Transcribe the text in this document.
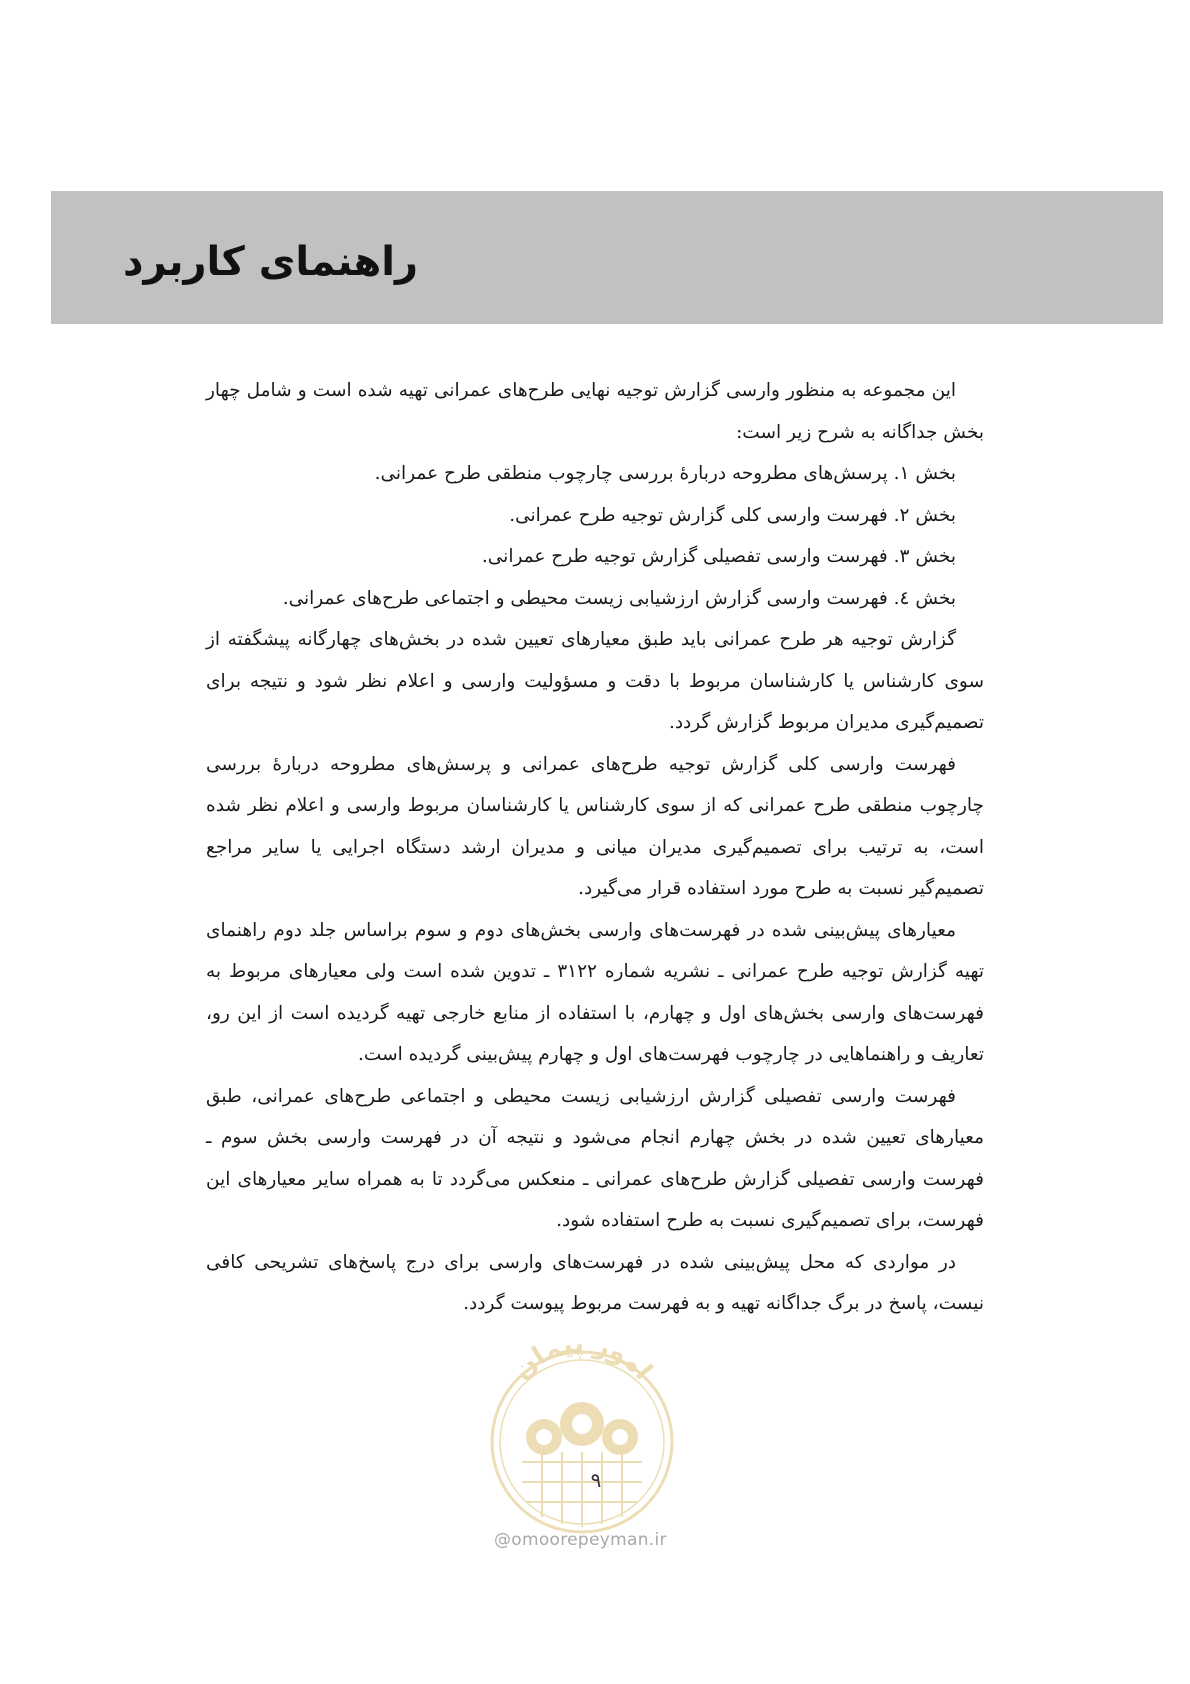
راهنمای کاربرد

این مجموعه به منظور وارسی گزارش توجیه نهایی طرح‌های عمرانی تهیه شده است و شامل چهار بخش جداگانه به شرح زیر است:

بخش ۱. پرسش‌های مطروحه دربارهٔ بررسی چارچوب منطقی طرح عمرانی.
بخش ۲. فهرست وارسی کلی گزارش توجیه طرح عمرانی.
بخش ۳. فهرست وارسی تفصیلی گزارش توجیه طرح عمرانی.
بخش ٤. فهرست وارسی گزارش ارزشیابی زیست محیطی و اجتماعی طرح‌های عمرانی.

گزارش توجیه هر طرح عمرانی باید طبق معیارهای تعیین شده در بخش‌های چهارگانه پیشگفته از سوی کارشناس یا کارشناسان مربوط با دقت و مسؤولیت وارسی و اعلام نظر شود و نتیجه برای تصمیم‌گیری مدیران مربوط گزارش گردد.

فهرست وارسی کلی گزارش توجیه طرح‌های عمرانی و پرسش‌های مطروحه دربارهٔ بررسی چارچوب منطقی طرح عمرانی که از سوی کارشناس یا کارشناسان مربوط وارسی و اعلام نظر شده است، به ترتیب برای تصمیم‌گیری مدیران میانی و مدیران ارشد دستگاه اجرایی یا سایر مراجع تصمیم‌گیر نسبت به طرح مورد استفاده قرار می‌گیرد.

معیارهای پیش‌بینی شده در فهرست‌های وارسی بخش‌های دوم و سوم براساس جلد دوم راهنمای تهیه گزارش توجیه طرح عمرانی ـ نشریه شماره ۳۱۲۲ ـ تدوین شده است ولی معیارهای مربوط به فهرست‌های وارسی بخش‌های اول و چهارم، با استفاده از منابع خارجی تهیه گردیده است از این رو، تعاریف و راهنماهایی در چارچوب فهرست‌های اول و چهارم پیش‌بینی گردیده است.

فهرست وارسی تفصیلی گزارش ارزشیابی زیست محیطی و اجتماعی طرح‌های عمرانی، طبق معیارهای تعیین شده در بخش چهارم انجام می‌شود و نتیجه آن در فهرست وارسی بخش سوم ـ فهرست وارسی تفصیلی گزارش طرح‌های عمرانی ـ منعکس می‌گردد تا به همراه سایر معیارهای این فهرست، برای تصمیم‌گیری نسبت به طرح استفاده شود.

در مواردی که محل پیش‌بینی شده در فهرست‌های وارسی برای درج پاسخ‌های تشریحی کافی نیست، پاسخ در برگ جداگانه تهیه و به فهرست مربوط پیوست گردد.

امور پیمان
۹
@omoorepeyman.ir
